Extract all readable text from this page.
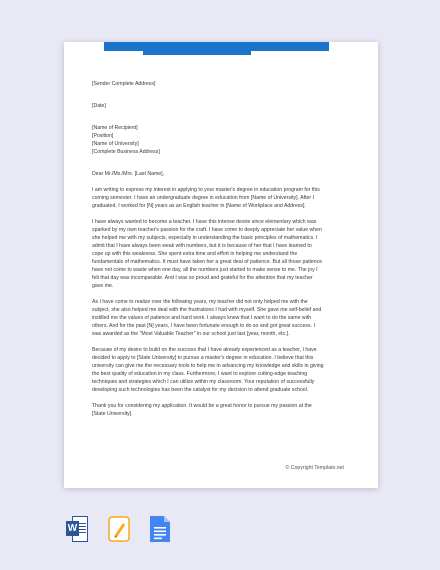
[Sender Complete Address]

[Date]

[Name of Recipient]
[Position]
[Name of University]
[Complete Business Address]

Dear Mr./Ms./Mrs. [Last Name],

I am writing to express my interest in applying to your master's degree in education program for this
coming semester. I have an undergraduate degree in education from [Name of University]. After I
graduated, I worked for [N] years as an English teacher in [Name of Workplace and Address].

I have always wanted to become a teacher. I have this intense desire since elementary which was
sparked by my own teacher's passion for the craft. I have come to deeply appreciate her value when
she helped me with my subjects, especially in understanding the basic principles of mathematics. I
admit that I have always been weak with numbers, but it is because of her that I have learned to
cope up with this weakness. She spent extra time and effort in helping me understand the
fundamentals of mathematics. It must have taken her a great deal of patience. But all those patience
have not come to waste when one day, all the numbers just started to make sense to me. The joy I
felt that day was incomparable. And I was so proud and grateful for the attention that my teacher
gave me.

As I have come to realize over the following years, my teacher did not only helped me with the
subject, she also helped me deal with the frustrations I had with myself. She gave me self-belief and
instilled me the values of patience and hard work. I always knew that I want to do the same with
others. And for the past [N] years, I have been fortunate enough to do so and got great success. I
was awarded as the "Most Valuable Teacher" in our school just last [year, month, etc.].

Because of my desire to build on the success that I have already experienced as a teacher, I have
decided to apply to [State University] to pursue a master's degree in education. I believe that this
university can give me the necessary tools to help me in advancing my knowledge and skills in giving
the best quality of education in my class. Furthermore, I want to explore cutting-edge teaching
techniques and strategies which I can utilize within my classroom. Your reputation of successfully
developing such technologies has been the catalyst for my decision to attend graduate school.

Thank you for considering my application. It would be a great honor to pursue my passion at the
[State University].

© Copyright Template.net
W
